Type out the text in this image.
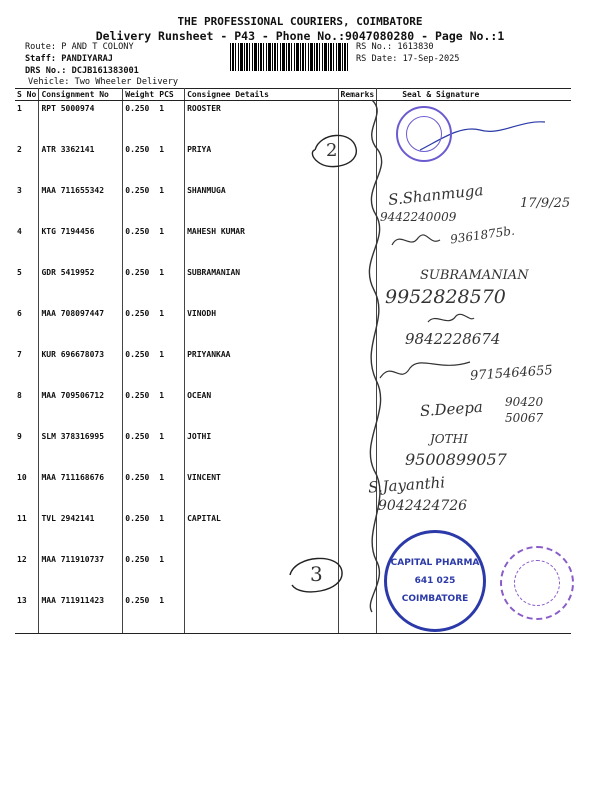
THE PROFESSIONAL COURIERS, COIMBATORE
Delivery Runsheet - P43 - Phone No.:9047080280 - Page No.:1
Route: P AND T COLONY
Staff: PANDIYARAJ
DRS No.: DCJB161383001
Vehicle: Two Wheeler Delivery
RS No.: 1613830
RS Date: 17-Sep-2025
S No	Consignment No	Weight PCS	Consignee Details	Remarks	Seal & Signature
1	RPT 5000974	0.250 1	ROOSTER		
2	ATR 3362141	0.250 1	PRIYA		
3	MAA 711655342	0.250 1	SHANMUGA		
4	KTG 7194456	0.250 1	MAHESH KUMAR		
5	GDR 5419952	0.250 1	SUBRAMANIAN		
6	MAA 708097447	0.250 1	VINODH		
7	KUR 696678073	0.250 1	PRIYANKAA		
8	MAA 709506712	0.250 1	OCEAN		
9	SLM 378316995	0.250 1	JOTHI		
10	MAA 711168676	0.250 1	VINCENT		
11	TVL 2942141	0.250 1	CAPITAL		
12	MAA 711910737	0.250 1			
13	MAA 711911423	0.250 1			
S.Shanmuga	17/9/25
9442240009
9361875b.
SUBRAMANIAN
9952828570
9842228674
9715464655
S.Deepa 90420 50067
JOTHI
9500899057
S.Jayanthi
9042424726
2
3	CAPITAL PHARMA
641 025
COIMBATORE
